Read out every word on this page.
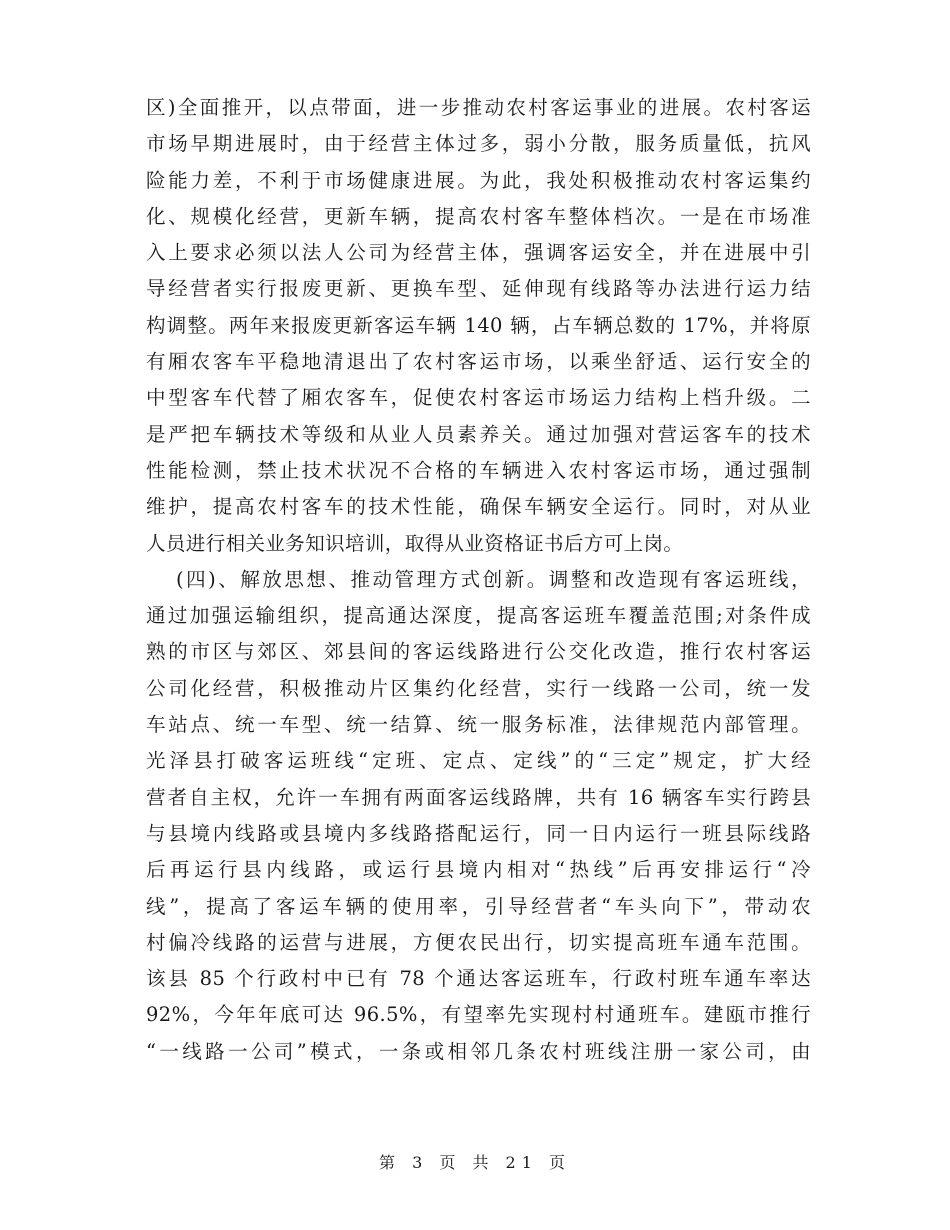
区)全面推开，以点带面，进一步推动农村客运事业的进展。农村客运
市场早期进展时，由于经营主体过多，弱小分散，服务质量低，抗风
险能力差，不利于市场健康进展。为此，我处积极推动农村客运集约
化、规模化经营，更新车辆，提高农村客车整体档次。一是在市场准
入上要求必须以法人公司为经营主体，强调客运安全，并在进展中引
导经营者实行报废更新、更换车型、延伸现有线路等办法进行运力结
构调整。两年来报废更新客运车辆 140 辆，占车辆总数的 17%，并将原
有厢农客车平稳地清退出了农村客运市场，以乘坐舒适、运行安全的
中型客车代替了厢农客车，促使农村客运市场运力结构上档升级。二
是严把车辆技术等级和从业人员素养关。通过加强对营运客车的技术
性能检测，禁止技术状况不合格的车辆进入农村客运市场，通过强制
维护，提高农村客车的技术性能，确保车辆安全运行。同时，对从业
人员进行相关业务知识培训，取得从业资格证书后方可上岗。
(四)、解放思想、推动管理方式创新。调整和改造现有客运班线，
通过加强运输组织，提高通达深度，提高客运班车覆盖范围;对条件成
熟的市区与郊区、郊县间的客运线路进行公交化改造，推行农村客运
公司化经营，积极推动片区集约化经营，实行一线路一公司，统一发
车站点、统一车型、统一结算、统一服务标准，法律规范内部管理。
光泽县打破客运班线“定班、定点、定线”的“三定”规定，扩大经
营者自主权，允许一车拥有两面客运线路牌，共有 16 辆客车实行跨县
与县境内线路或县境内多线路搭配运行，同一日内运行一班县际线路
后再运行县内线路，或运行县境内相对“热线”后再安排运行“冷
线”，提高了客运车辆的使用率，引导经营者“车头向下”，带动农
村偏冷线路的运营与进展，方便农民出行，切实提高班车通车范围。
该县 85 个行政村中已有 78 个通达客运班车，行政村班车通车率达
92%，今年年底可达 96.5%，有望率先实现村村通班车。建瓯市推行
“一线路一公司”模式，一条或相邻几条农村班线注册一家公司，由
第 3 页 共 21 页
